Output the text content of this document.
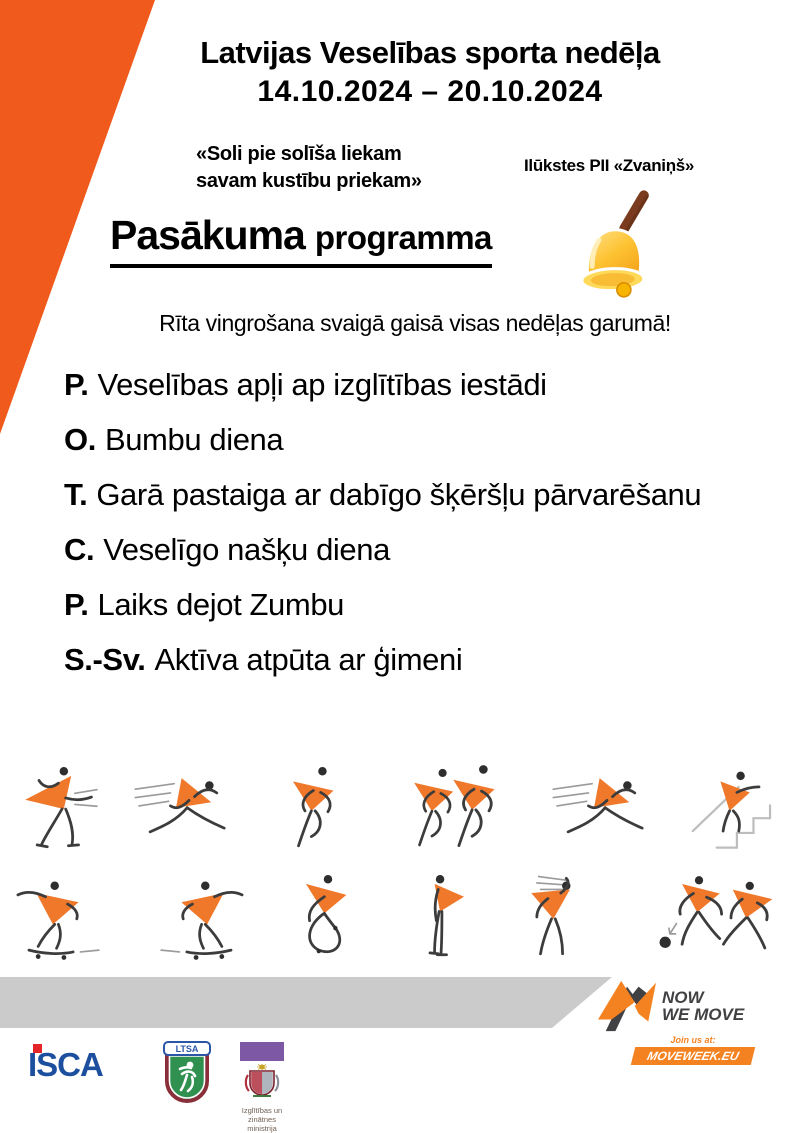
Latvijas Veselības sporta nedēļa
14.10.2024 – 20.10.2024
«Soli pie solīša liekam
savam kustību priekam»
Ilūkstes PII «Zvaniņš»
Pasākuma programma
Rīta vingrošana svaigā gaisā visas nedēļas garumā!
P. Veselības apļi ap izglītības iestādi
O. Bumbu diena
T. Garā pastaiga ar dabīgo šķēršļu pārvarēšanu
C. Veselīgo našķu diena
P. Laiks dejot Zumbu
S.-Sv. Aktīva atpūta ar ģimeni
NOW
WE MOVE
Join us at:
MOVEWEEK.EU
ISCA	LTSA
Izglītības un zinātnes
ministrija
